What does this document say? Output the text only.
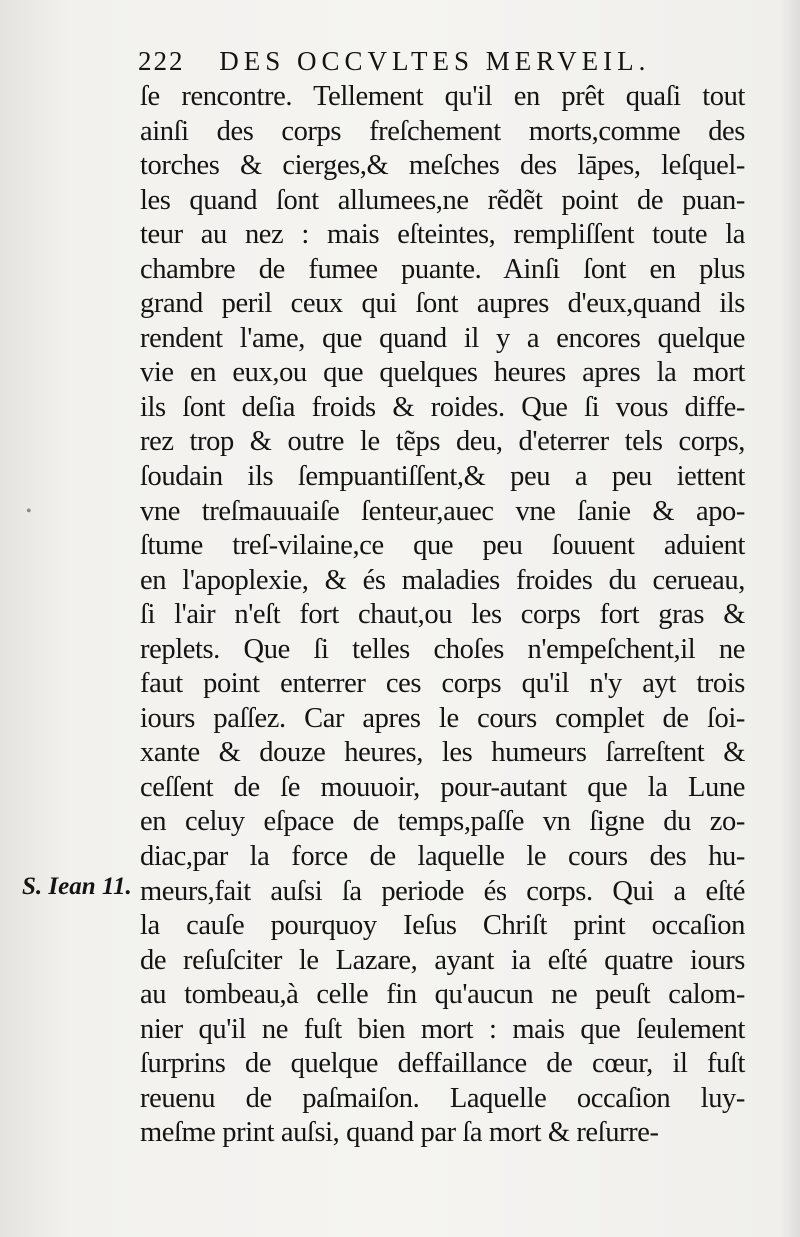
222 DES OCCVLTES MERVEIL.
•
S. Iean 11.
ſe rencontre. Tellement qu'il en prêt quaſi tout
ainſi des corps freſchement morts,comme des
torches & cierges,& meſches des lāpes, leſquel-
les quand ſont allumees,ne rẽdẽt point de puan-
teur au nez : mais eſteintes, rempliſſent toute la
chambre de fumee puante. Ainſi ſont en plus
grand peril ceux qui ſont aupres d'eux,quand ils
rendent l'ame, que quand il y a encores quelque
vie en eux,ou que quelques heures apres la mort
ils ſont deſia froids & roides. Que ſi vous diffe-
rez trop & outre le tẽps deu, d'eterrer tels corps,
ſoudain ils ſempuantiſſent,& peu a peu iettent
vne treſmauuaiſe ſenteur,auec vne ſanie & apo-
ſtume treſ-vilaine,ce que peu ſouuent aduient
en l'apoplexie, & és maladies froides du cerueau,
ſi l'air n'eſt fort chaut,ou les corps fort gras &
replets. Que ſi telles choſes n'empeſchent,il ne
faut point enterrer ces corps qu'il n'y ayt trois
iours paſſez. Car apres le cours complet de ſoi-
xante & douze heures, les humeurs ſarreſtent &
ceſſent de ſe mouuoir, pour-autant que la Lune
en celuy eſpace de temps,paſſe vn ſigne du zo-
diac,par la force de laquelle le cours des hu-
meurs,fait auſsi ſa periode és corps. Qui a eſté
la cauſe pourquoy Ieſus Chriſt print occaſion
de reſuſciter le Lazare, ayant ia eſté quatre iours
au tombeau,à celle fin qu'aucun ne peuſt calom-
nier qu'il ne fuſt bien mort : mais que ſeulement
ſurprins de quelque deffaillance de cœur, il fuſt
reuenu de paſmaiſon. Laquelle occaſion luy-
meſme print auſsi, quand par ſa mort & reſurre-
